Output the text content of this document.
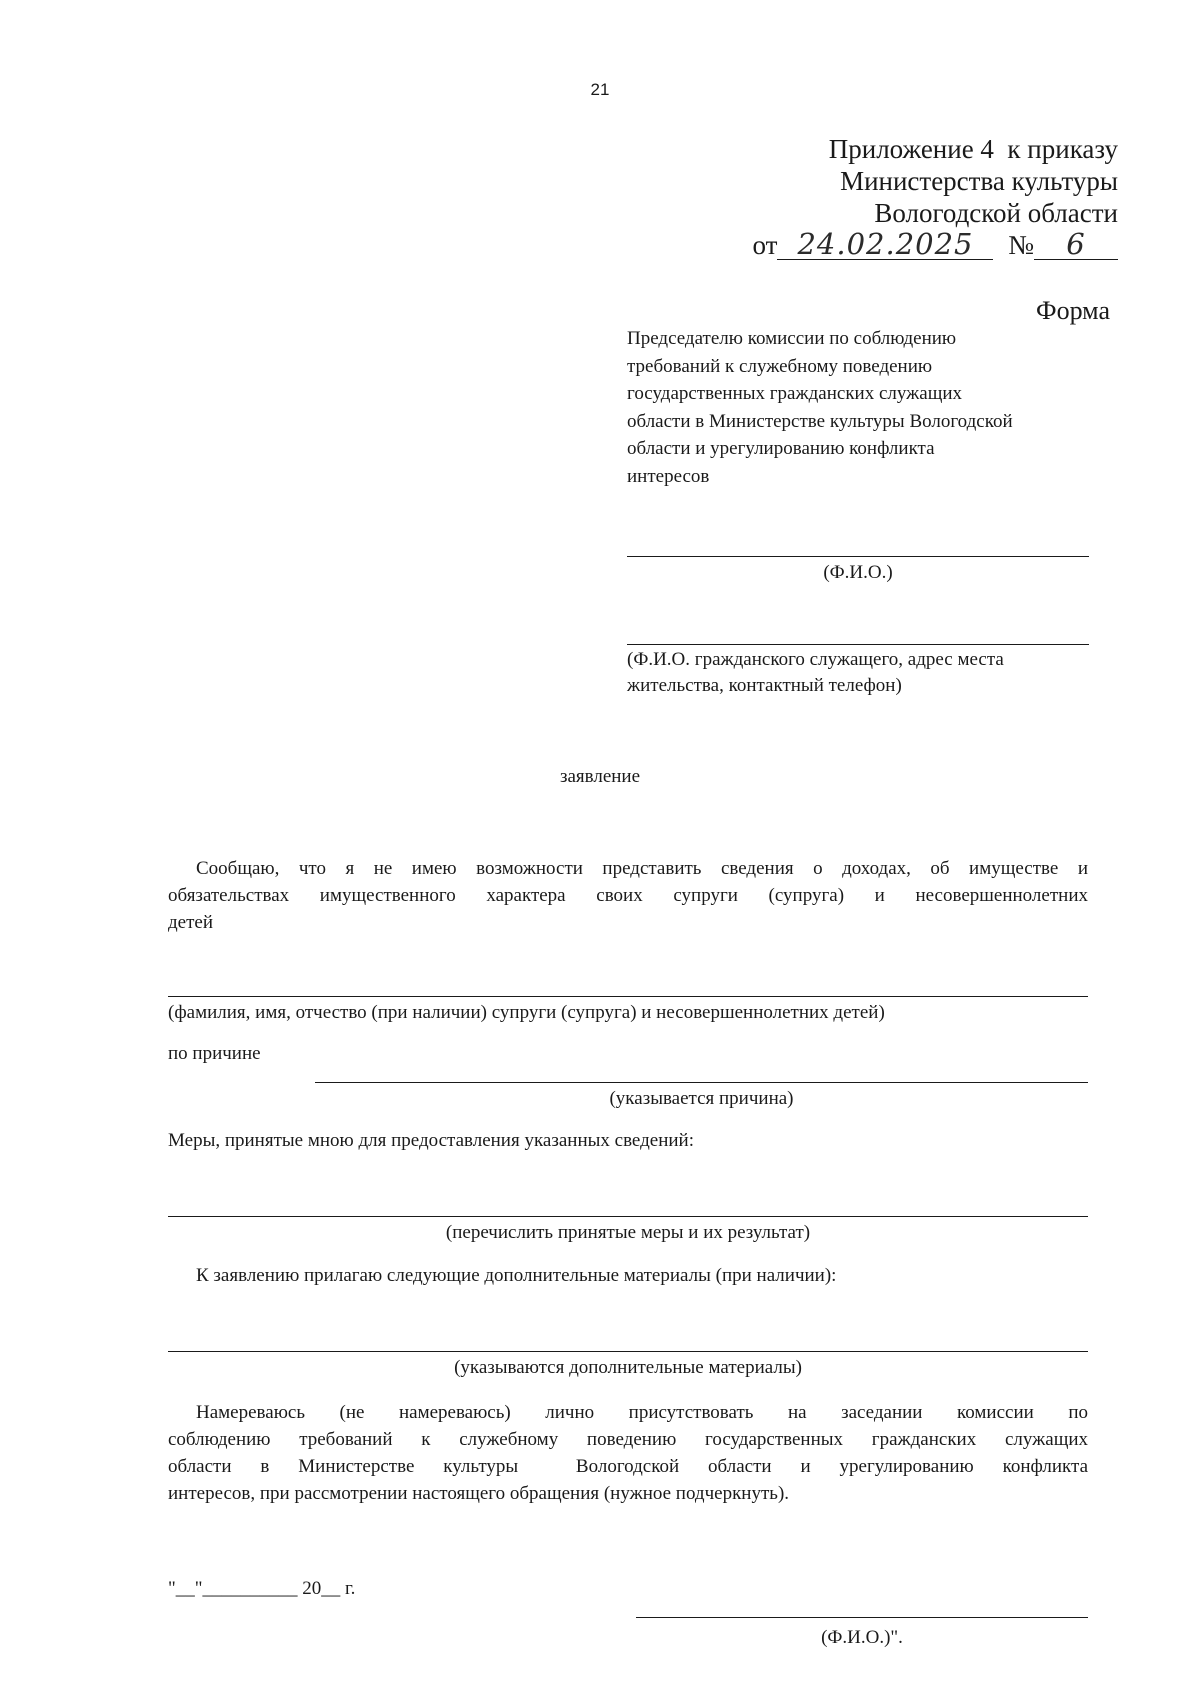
21
Приложение 4  к приказу
Министерства культуры
Вологодской области
от 24.02.2025 № 6
Форма
Председателю комиссии по соблюдению
требований к служебному поведению
государственных гражданских служащих
области в Министерстве культуры Вологодской
области и урегулированию конфликта
интересов
(Ф.И.О.)
(Ф.И.О. гражданского служащего, адрес места
жительства, контактный телефон)
заявление
Сообщаю, что я не имею возможности представить сведения о доходах, об имуществе и
обязательствах имущественного характера своих супруги (супруга) и несовершеннолетних
детей
(фамилия, имя, отчество (при наличии) супруги (супруга) и несовершеннолетних детей)
по причине
(указывается причина)
Меры, принятые мною для предоставления указанных сведений:
(перечислить принятые меры и их результат)
К заявлению прилагаю следующие дополнительные материалы (при наличии):
(указываются дополнительные материалы)
Намереваюсь (не намереваюсь) лично присутствовать на заседании комиссии по
соблюдению требований к служебному поведению государственных гражданских служащих
области в Министерстве культуры  Вологодской области и урегулированию конфликта
интересов, при рассмотрении настоящего обращения (нужное подчеркнуть).
"__"__________ 20__ г.
(Ф.И.О.)".
